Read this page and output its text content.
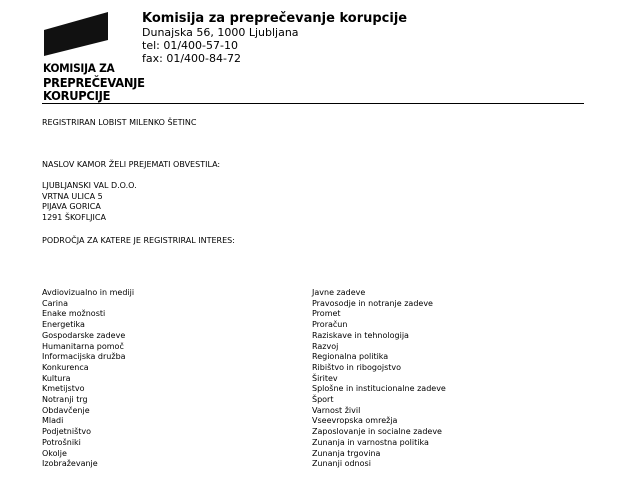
KOMISIJA ZA
PREPREČEVANJE
KORUPCIJE
Komisija za preprečevanje korupcije
Dunajska 56, 1000 Ljubljana
tel: 01/400-57-10
fax: 01/400-84-72
REGISTRIRAN LOBIST MILENKO ŠETINC
NASLOV KAMOR ŽELI PREJEMATI OBVESTILA:
LJUBLJANSKI VAL D.O.O.
VRTNA ULICA 5
PIJAVA GORICA
1291 ŠKOFLJICA
PODROČJA ZA KATERE JE REGISTRIRAL INTERES:
Avdiovizualno in mediji
Carina
Enake možnosti
Energetika
Gospodarske zadeve
Humanitarna pomoč
Informacijska družba
Konkurenca
Kultura
Kmetijstvo
Notranji trg
Obdavčenje
Mladi
Podjetništvo
Potrošniki
Okolje
Izobraževanje
Javne zadeve
Pravosodje in notranje zadeve
Promet
Proračun
Raziskave in tehnologija
Razvoj
Regionalna politika
Ribištvo in ribogojstvo
Širitev
Splošne in institucionalne zadeve
Šport
Varnost živil
Vseevropska omrežja
Zaposlovanje in socialne zadeve
Zunanja in varnostna politika
Zunanja trgovina
Zunanji odnosi
